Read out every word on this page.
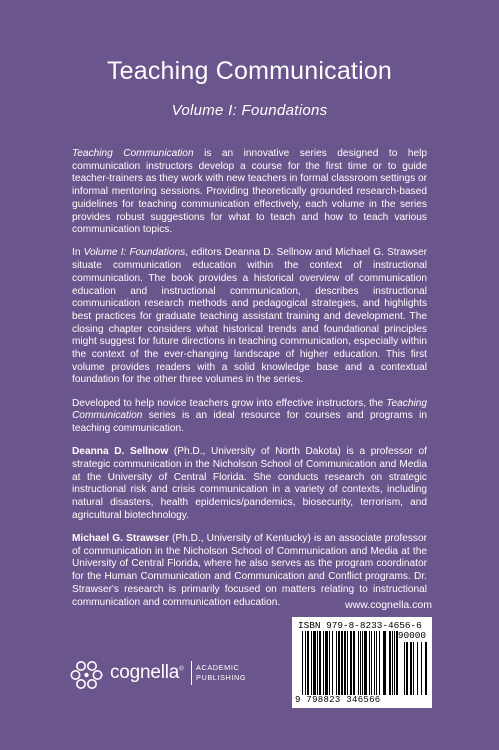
Teaching Communication
Volume I: Foundations

Teaching Communication is an innovative series designed to help communication instructors develop a course for the first time or to guide teacher-trainers as they work with new teachers in formal classroom settings or informal mentoring sessions. Providing theoretically grounded research-based guidelines for teaching communication effectively, each volume in the series provides robust suggestions for what to teach and how to teach various communication topics.

In Volume I: Foundations, editors Deanna D. Sellnow and Michael G. Strawser situate communication education within the context of instructional communication. The book provides a historical overview of communication education and instructional communication, describes instructional communication research methods and pedagogical strategies, and highlights best practices for graduate teaching assistant training and development. The closing chapter considers what historical trends and foundational principles might suggest for future directions in teaching communication, especially within the context of the ever-changing landscape of higher education. This first volume provides readers with a solid knowledge base and a contextual foundation for the other three volumes in the series.

Developed to help novice teachers grow into effective instructors, the Teaching Communication series is an ideal resource for courses and programs in teaching communication.

Deanna D. Sellnow (Ph.D., University of North Dakota) is a professor of strategic communication in the Nicholson School of Communication and Media at the University of Central Florida. She conducts research on strategic instructional risk and crisis communication in a variety of contexts, including natural disasters, health epidemics/pandemics, biosecurity, terrorism, and agricultural biotechnology.

Michael G. Strawser (Ph.D., University of Kentucky) is an associate professor of communication in the Nicholson School of Communication and Media at the University of Central Florida, where he also serves as the program coordinator for the Human Communication and Communication and Conflict programs. Dr. Strawser's research is primarily focused on matters relating to instructional communication and communication education.	www.cognella.com
ISBN 979-8-8233-4656-6
90000
9 798823 346566
cognella® ACADEMIC
PUBLISHING
